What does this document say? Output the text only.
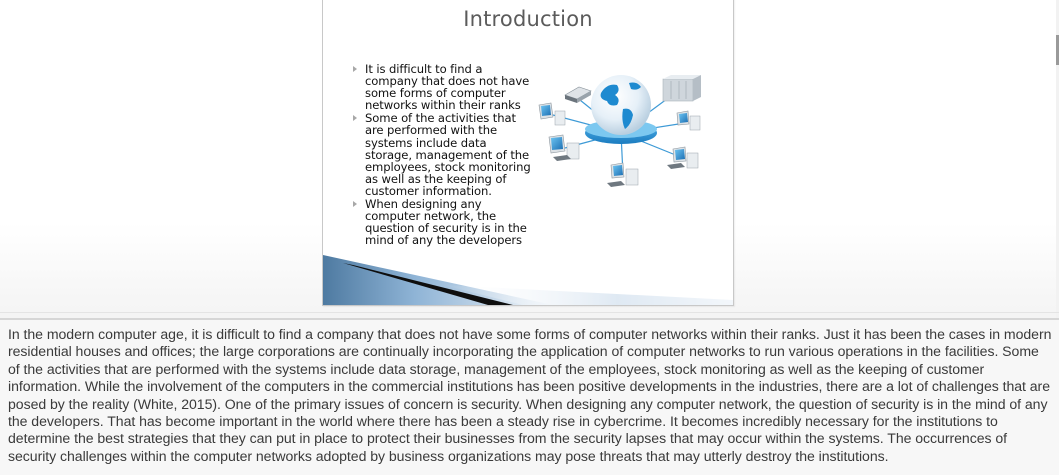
Introduction
It is difficult to find a company that does not have some forms of computer networks within their ranks
Some of the activities that are performed with the systems include data storage, management of the employees, stock monitoring as well as the keeping of customer information.
When designing any computer network, the question of security is in the mind of any the developers

In the modern computer age, it is difficult to find a company that does not have some forms of computer networks within their ranks. Just it has been the cases in modern residential houses and offices; the large corporations are continually incorporating the application of computer networks to run various operations in the facilities. Some of the activities that are performed with the systems include data storage, management of the employees, stock monitoring as well as the keeping of customer information. While the involvement of the computers in the commercial institutions has been positive developments in the industries, there are a lot of challenges that are posed by the reality (White, 2015). One of the primary issues of concern is security. When designing any computer network, the question of security is in the mind of any the developers. That has become important in the world where there has been a steady rise in cybercrime. It becomes incredibly necessary for the institutions to determine the best strategies that they can put in place to protect their businesses from the security lapses that may occur within the systems. The occurrences of security challenges within the computer networks adopted by business organizations may pose threats that may utterly destroy the institutions.
